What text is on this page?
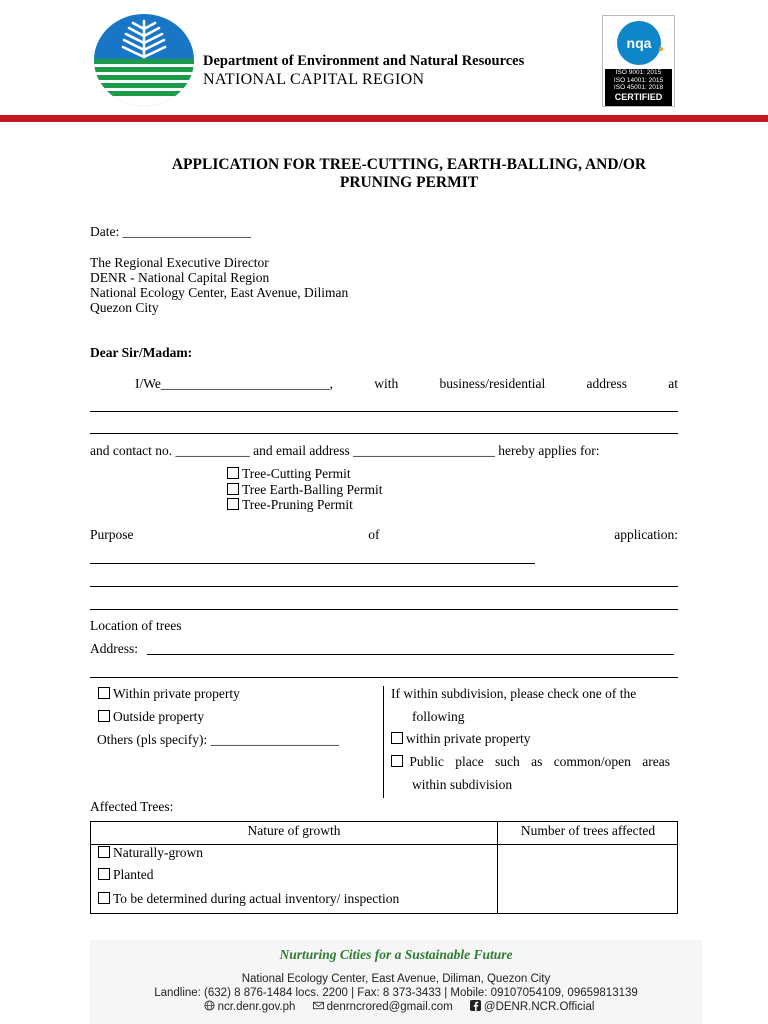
Department of Environment and Natural Resources
NATIONAL CAPITAL REGION
nqa
ISO 9001: 2015
ISO 14001: 2015
ISO 45001: 2018
CERTIFIED
APPLICATION FOR TREE-CUTTING, EARTH-BALLING, AND/OR
PRUNING PERMIT
Date: ___________________
The Regional Executive Director
DENR - National Capital Region
National Ecology Center, East Avenue, Diliman
Quezon City
Dear Sir/Madam:
I/We_________________________,	with	business/residential	address	at
and contact no. ___________ and email address _____________________ hereby applies for:
Tree-Cutting Permit
Tree Earth-Balling Permit
Tree-Pruning Permit
Purpose	of	application:
Location of trees
Address:
Within private property
Outside property
Others (pls specify): ___________________
If within subdivision, please check one of the
following
within private property
Public place such as common/open areas
within subdivision
Affected Trees:
Nature of growth	Number of trees affected
Naturally-grown
Planted
To be determined during actual inventory/ inspection
Nurturing Cities for a Sustainable Future
National Ecology Center, East Avenue, Diliman, Quezon City
Landline: (632) 8 876-1484 locs. 2200 | Fax: 8 373-3433 | Mobile: 09107054109, 09659813139
ncr.denr.gov.ph	denrncrored@gmail.com	@DENR.NCR.Official
